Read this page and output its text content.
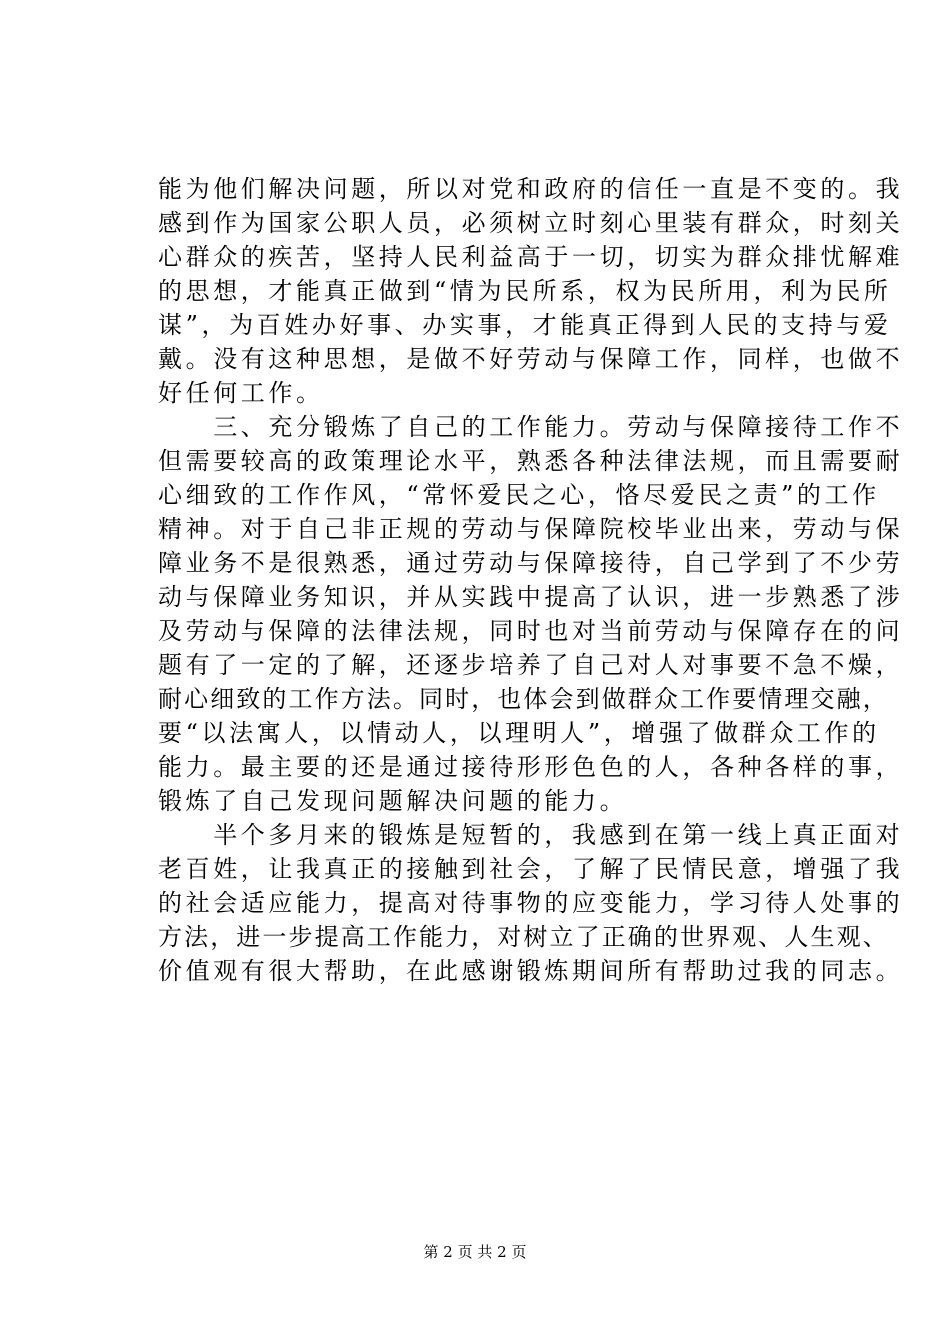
能为他们解决问题，所以对党和政府的信任一直是不变的。我
感到作为国家公职人员，必须树立时刻心里装有群众，时刻关
心群众的疾苦，坚持人民利益高于一切，切实为群众排忧解难
的思想，才能真正做到“情为民所系，权为民所用，利为民所
谋”，为百姓办好事、办实事，才能真正得到人民的支持与爱
戴。没有这种思想，是做不好劳动与保障工作，同样，也做不
好任何工作。
　　三、充分锻炼了自己的工作能力。劳动与保障接待工作不
但需要较高的政策理论水平，熟悉各种法律法规，而且需要耐
心细致的工作作风，“常怀爱民之心，恪尽爱民之责”的工作
精神。对于自己非正规的劳动与保障院校毕业出来，劳动与保
障业务不是很熟悉，通过劳动与保障接待，自己学到了不少劳
动与保障业务知识，并从实践中提高了认识，进一步熟悉了涉
及劳动与保障的法律法规，同时也对当前劳动与保障存在的问
题有了一定的了解，还逐步培养了自己对人对事要不急不燥，
耐心细致的工作方法。同时，也体会到做群众工作要情理交融，
要“以法寓人，以情动人，以理明人”，增强了做群众工作的
能力。最主要的还是通过接待形形色色的人，各种各样的事，
锻炼了自己发现问题解决问题的能力。
　　半个多月来的锻炼是短暂的，我感到在第一线上真正面对
老百姓，让我真正的接触到社会，了解了民情民意，增强了我
的社会适应能力，提高对待事物的应变能力，学习待人处事的
方法，进一步提高工作能力，对树立了正确的世界观、人生观、
价值观有很大帮助，在此感谢锻炼期间所有帮助过我的同志。
第 2 页 共 2 页
